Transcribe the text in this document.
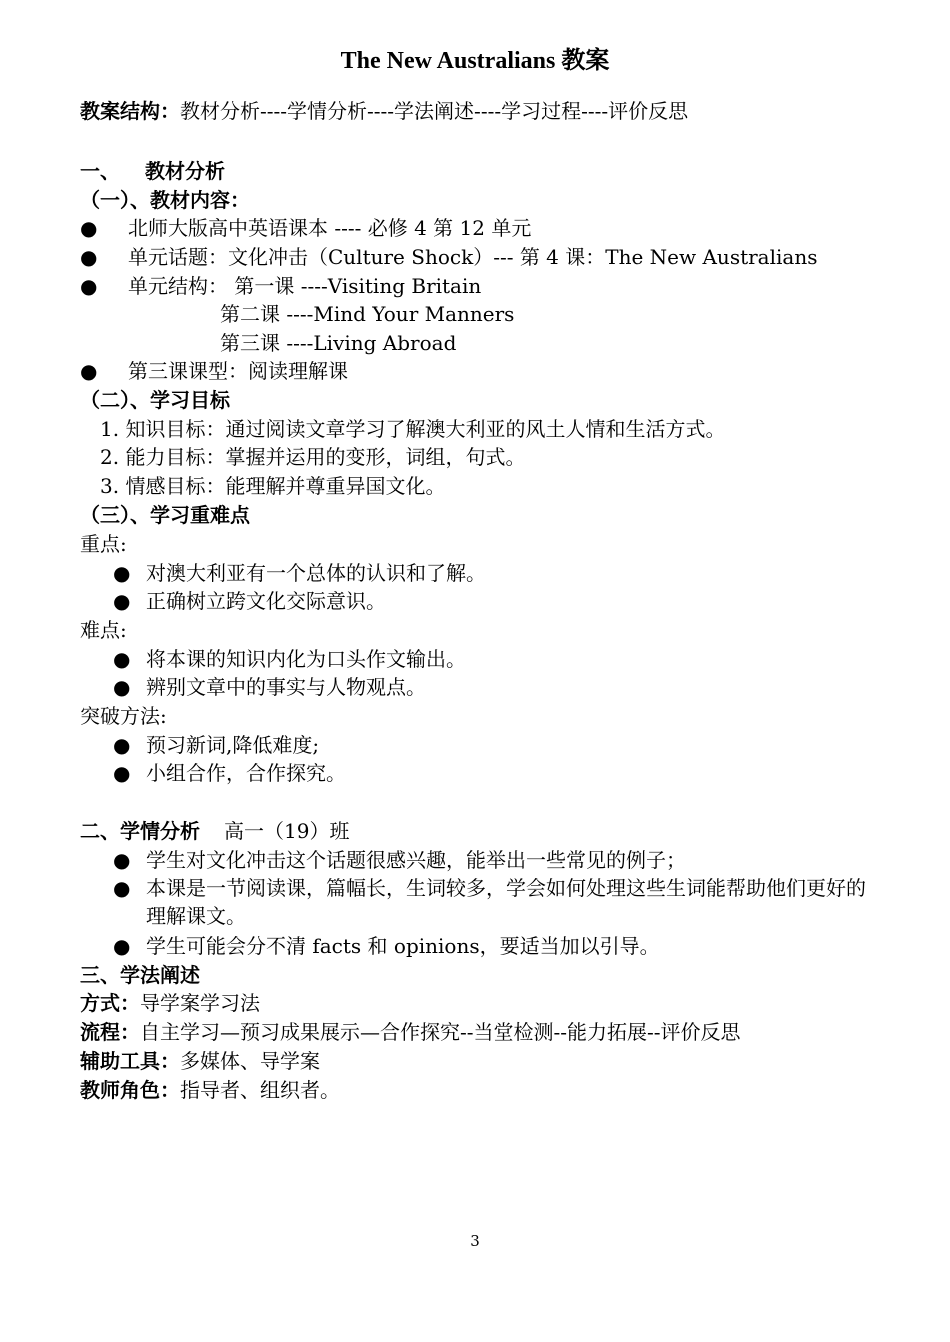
The New Australians 教案
教案结构：教材分析----学情分析----学法阐述----学习过程----评价反思
一、 教材分析
（一）、教材内容：
● 北师大版高中英语课本 ---- 必修 4 第 12 单元
● 单元话题：文化冲击（Culture Shock）--- 第 4 课：The New Australians
● 单元结构： 第一课 ----Visiting Britain
第二课 ----Mind Your Manners
第三课 ----Living Abroad
● 第三课课型：阅读理解课
（二）、学习目标
1. 知识目标：通过阅读文章学习了解澳大利亚的风土人情和生活方式。
2. 能力目标：掌握并运用的变形，词组，句式。
3. 情感目标：能理解并尊重异国文化。
（三）、学习重难点
重点:
● 对澳大利亚有一个总体的认识和了解。
● 正确树立跨文化交际意识。
难点:
● 将本课的知识内化为口头作文输出。
● 辨别文章中的事实与人物观点。
突破方法:
● 预习新词,降低难度;
● 小组合作，合作探究。
二、学情分析 高一（19）班
● 学生对文化冲击这个话题很感兴趣，能举出一些常见的例子；
● 本课是一节阅读课，篇幅长，生词较多，学会如何处理这些生词能帮助他们更好的理解课文。
● 学生可能会分不清 facts 和 opinions，要适当加以引导。
三、学法阐述
方式：导学案学习法
流程：自主学习—预习成果展示—合作探究--当堂检测--能力拓展--评价反思
辅助工具：多媒体、导学案
教师角色：指导者、组织者。
3
